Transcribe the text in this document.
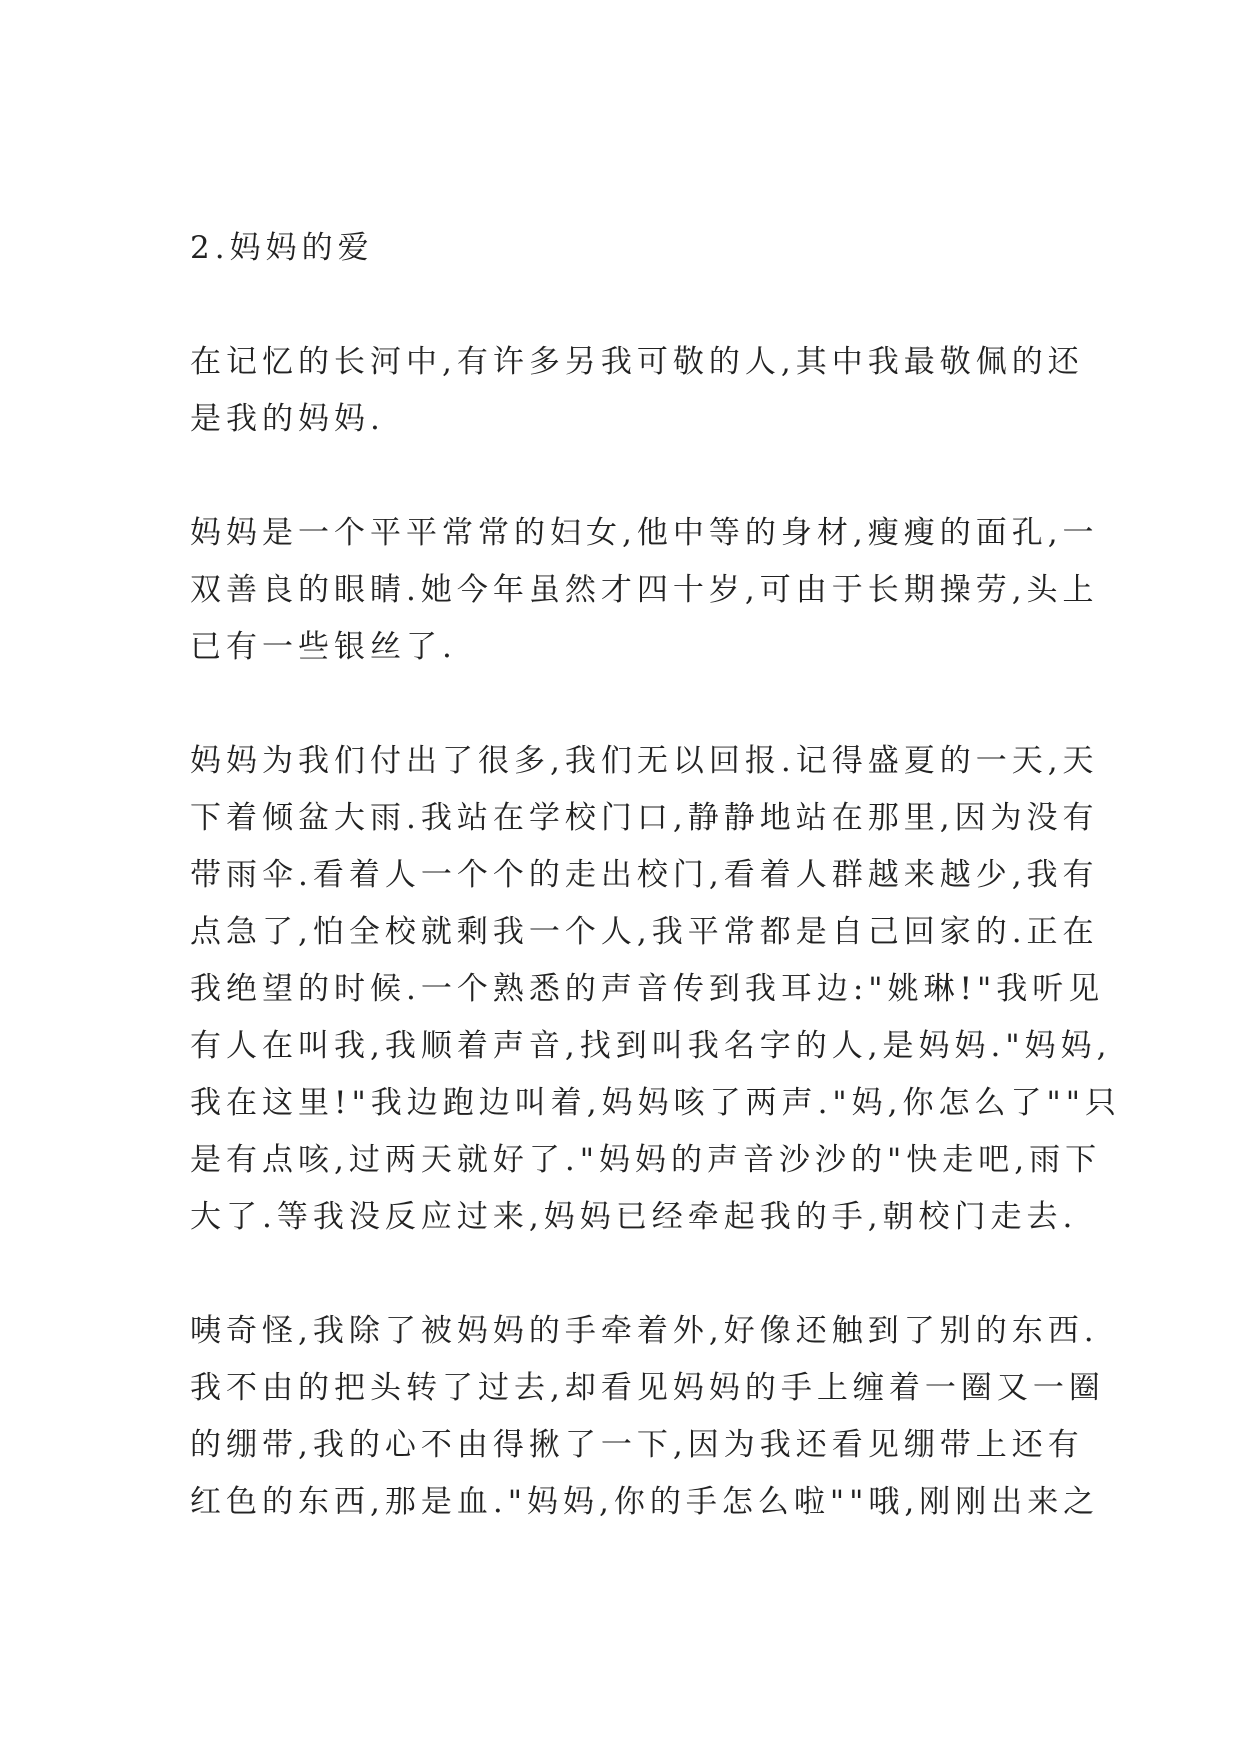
2.妈妈的爱

在记忆的长河中,有许多另我可敬的人,其中我最敬佩的还
是我的妈妈.

妈妈是一个平平常常的妇女,他中等的身材,瘦瘦的面孔,一
双善良的眼睛.她今年虽然才四十岁,可由于长期操劳,头上
已有一些银丝了.

妈妈为我们付出了很多,我们无以回报.记得盛夏的一天,天
下着倾盆大雨.我站在学校门口,静静地站在那里,因为没有
带雨伞.看着人一个个的走出校门,看着人群越来越少,我有
点急了,怕全校就剩我一个人,我平常都是自己回家的.正在
我绝望的时候.一个熟悉的声音传到我耳边:"姚琳!"我听见
有人在叫我,我顺着声音,找到叫我名字的人,是妈妈."妈妈,
我在这里!"我边跑边叫着,妈妈咳了两声."妈,你怎么了""只
是有点咳,过两天就好了."妈妈的声音沙沙的"快走吧,雨下
大了.等我没反应过来,妈妈已经牵起我的手,朝校门走去.

咦奇怪,我除了被妈妈的手牵着外,好像还触到了别的东西.
我不由的把头转了过去,却看见妈妈的手上缠着一圈又一圈
的绷带,我的心不由得揪了一下,因为我还看见绷带上还有
红色的东西,那是血."妈妈,你的手怎么啦""哦,刚刚出来之
